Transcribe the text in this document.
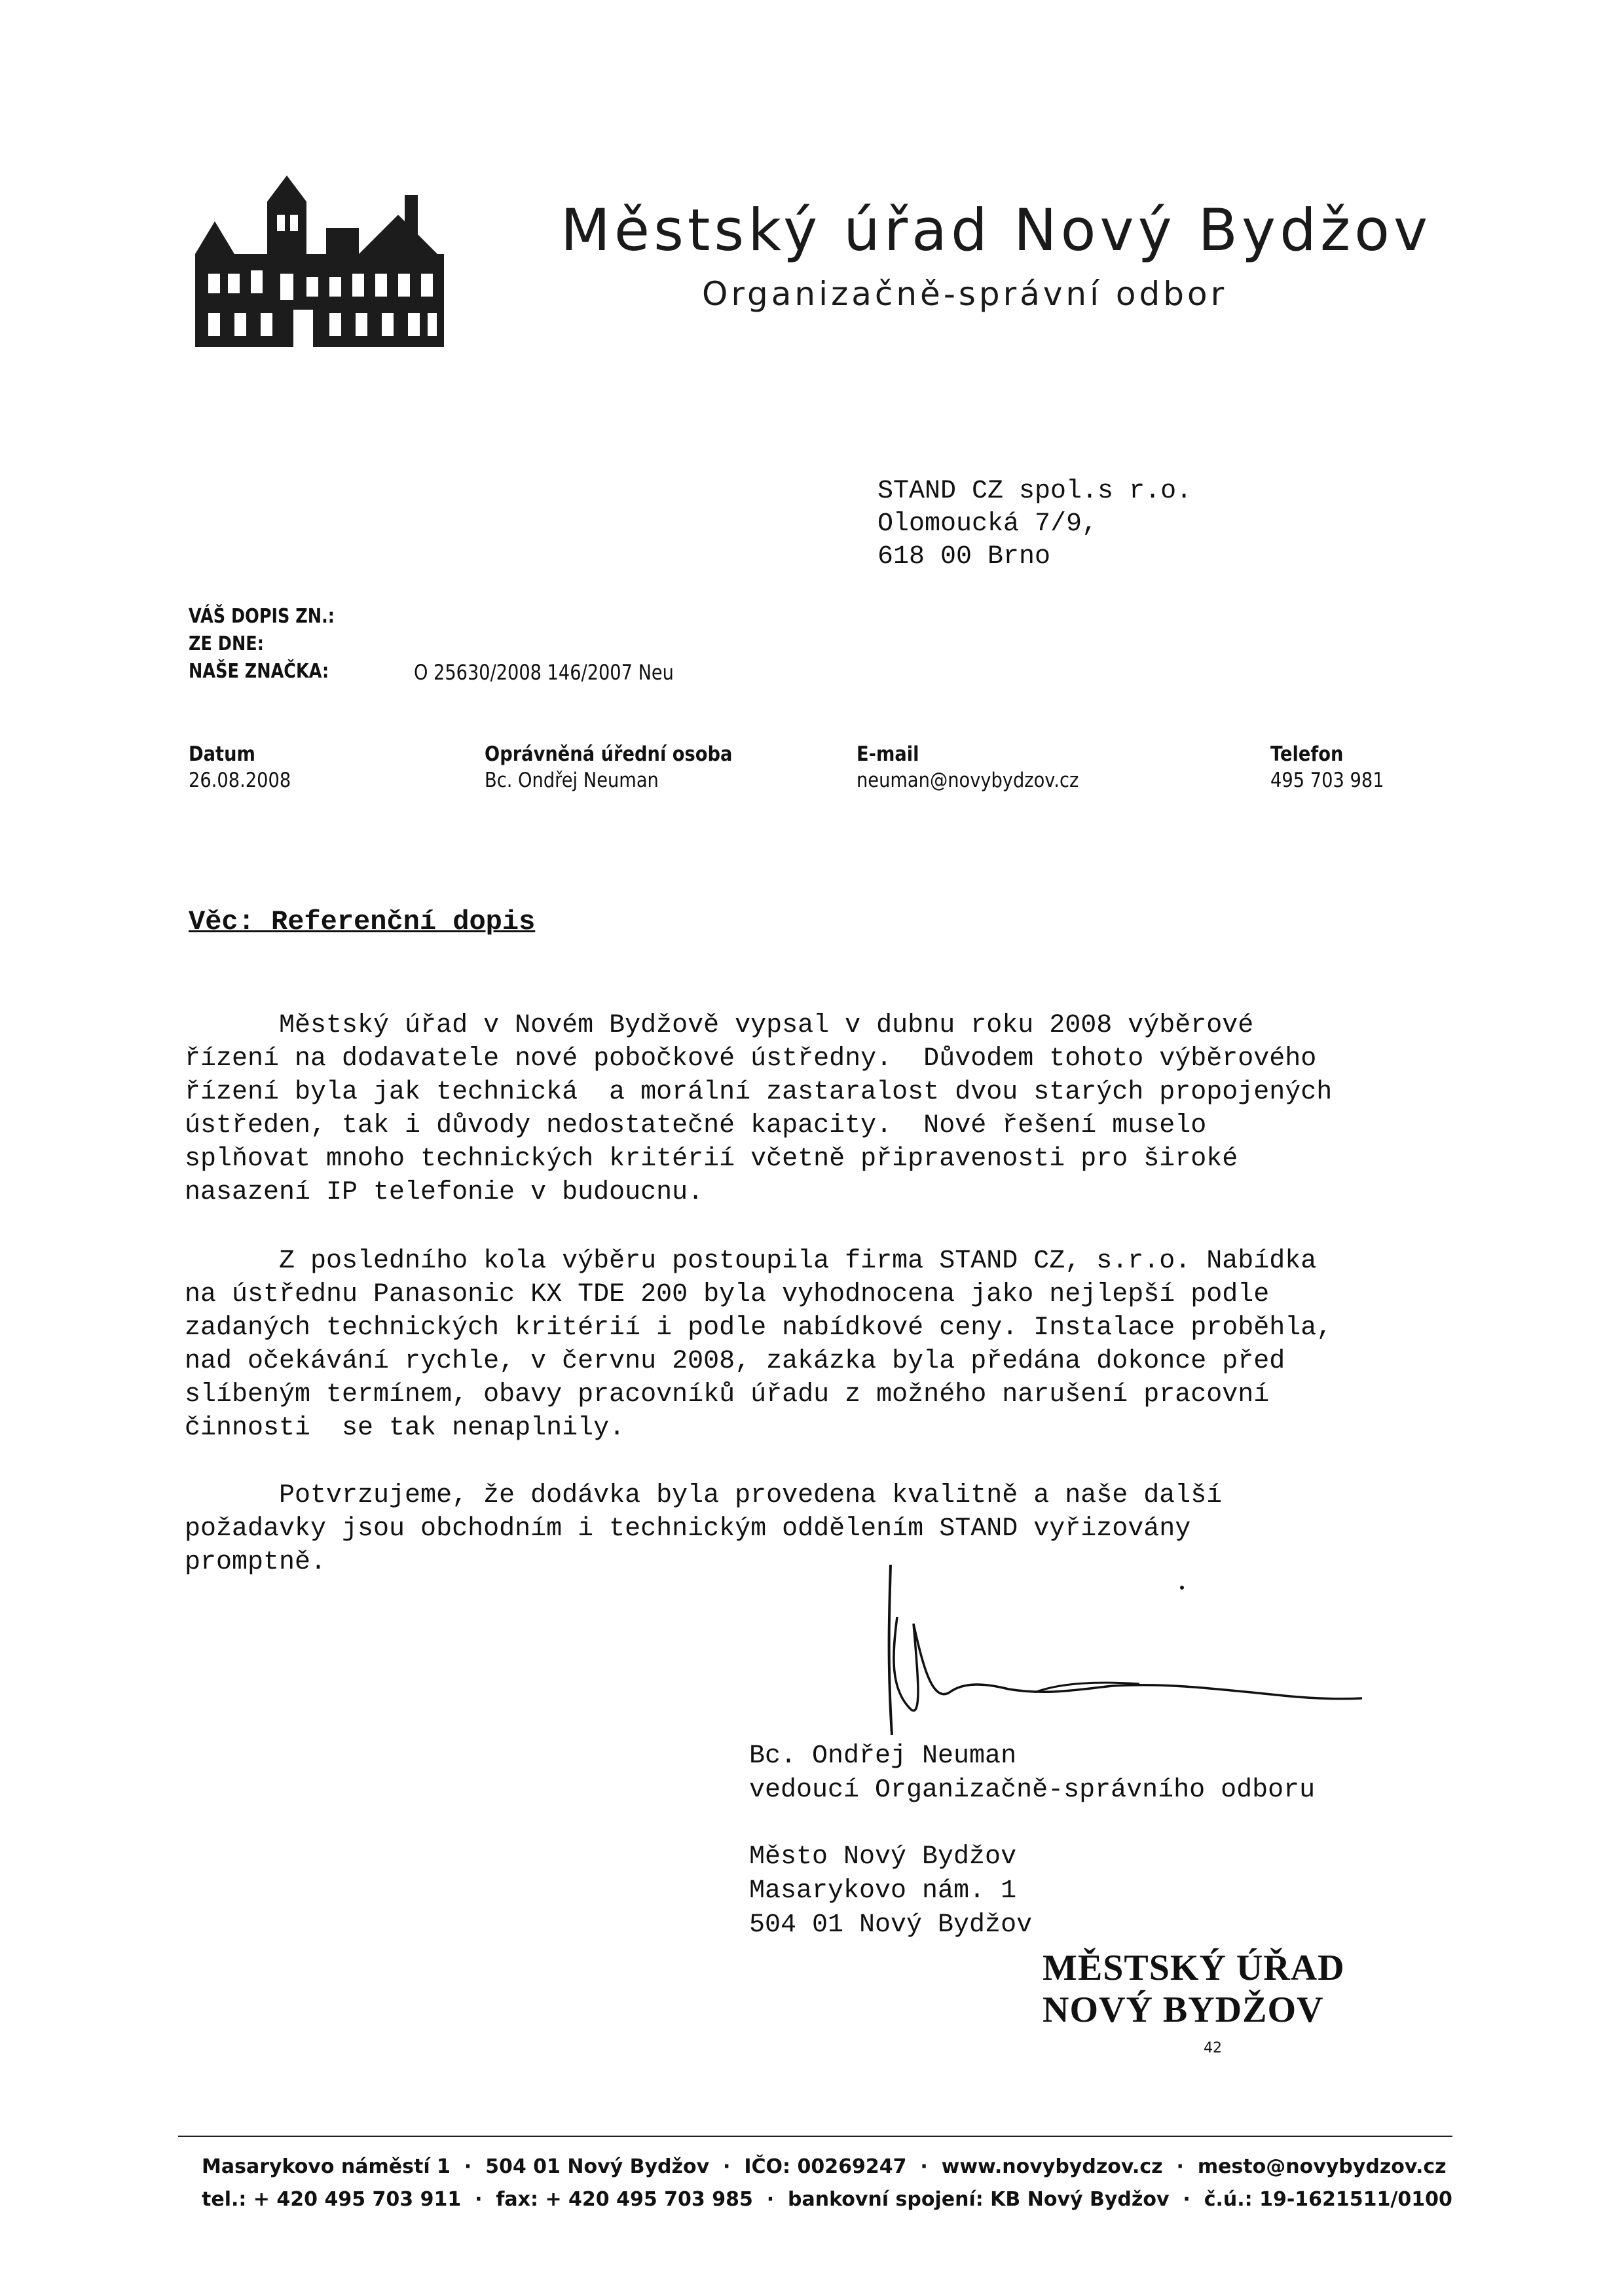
Městský úřad Nový Bydžov
Organizačně-správní odbor
STAND CZ spol.s r.o.
Olomoucká 7/9,
618 00 Brno
VÁŠ DOPIS ZN.:
ZE DNE:
NAŠE ZNAČKA:	O 25630/2008 146/2007 Neu
Datum
26.08.2008
Oprávněná úřední osoba
Bc. Ondřej Neuman
E-mail
neuman@novybydzov.cz
Telefon
495 703 981
Věc: Referenční dopis
Městský úřad v Novém Bydžově vypsal v dubnu roku 2008 výběrové
řízení na dodavatele nové pobočkové ústředny.  Důvodem tohoto výběrového
řízení byla jak technická  a morální zastaralost dvou starých propojených
ústředen, tak i důvody nedostatečné kapacity.  Nové řešení muselo
splňovat mnoho technických kritérií včetně připravenosti pro široké
nasazení IP telefonie v budoucnu.
Z posledního kola výběru postoupila firma STAND CZ, s.r.o. Nabídka
na ústřednu Panasonic KX TDE 200 byla vyhodnocena jako nejlepší podle
zadaných technických kritérií i podle nabídkové ceny. Instalace proběhla,
nad očekávání rychle, v červnu 2008, zakázka byla předána dokonce před
slíbeným termínem, obavy pracovníků úřadu z možného narušení pracovní
činnosti  se tak nenaplnily.
Potvrzujeme, že dodávka byla provedena kvalitně a naše další
požadavky jsou obchodním i technickým oddělením STAND vyřizovány
promptně.
Bc. Ondřej Neuman
vedoucí Organizačně-správního odboru
Město Nový Bydžov
Masarykovo nám. 1
504 01 Nový Bydžov
MĚSTSKÝ ÚŘAD
NOVÝ BYDŽOV
42
Masarykovo náměstí 1  ·  504 01 Nový Bydžov  ·  IČO: 00269247  ·  www.novybydzov.cz  ·  mesto@novybydzov.cz
tel.: + 420 495 703 911  ·  fax: + 420 495 703 985  ·  bankovní spojení: KB Nový Bydžov  ·  č.ú.: 19-1621511/0100
